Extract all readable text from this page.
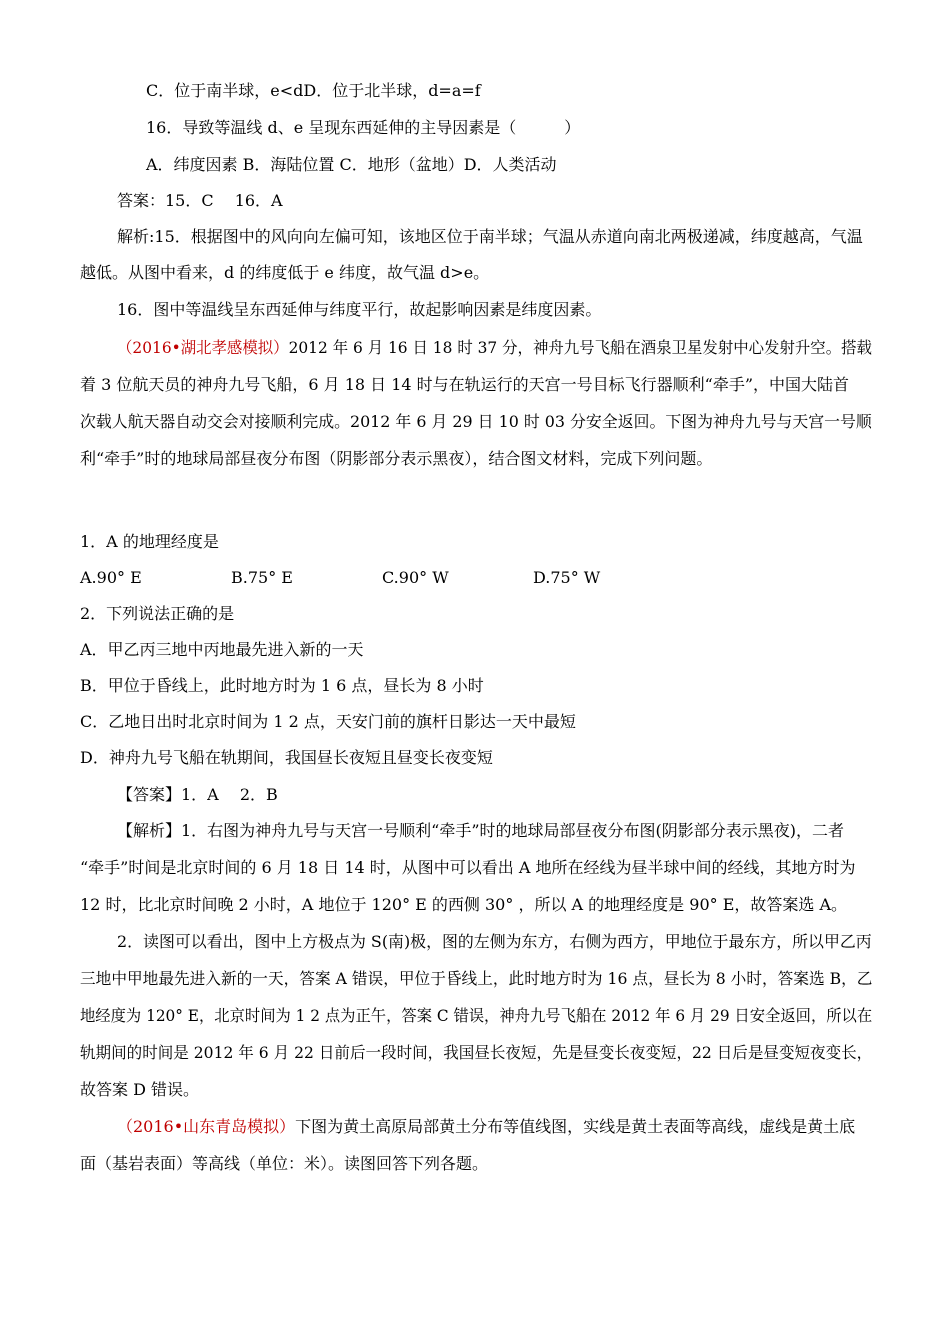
C．位于南半球，e<dD．位于北半球，d=a=f
16．导致等温线 d、e 呈现东西延伸的主导因素是（　　　）
A．纬度因素 B．海陆位置 C．地形（盆地）D．人类活动
答案：15．C　 16．A
解析:15．根据图中的风向向左偏可知，该地区位于南半球；气温从赤道向南北两极递减，纬度越高，气温
越低。从图中看来，d 的纬度低于 e 纬度，故气温 d>e。
16．图中等温线呈东西延伸与纬度平行，故起影响因素是纬度因素。
（2016•湖北孝感模拟）2012 年 6 月 16 日 18 时 37 分，神舟九号飞船在酒泉卫星发射中心发射升空。搭载
着 3 位航天员的神舟九号飞船，6 月 18 日 14 时与在轨运行的天宫一号目标飞行器顺利“牵手”，中国大陆首
次载人航天器自动交会对接顺利完成。2012 年 6 月 29 日 10 时 03 分安全返回。下图为神舟九号与天宫一号顺
利“牵手”时的地球局部昼夜分布图（阴影部分表示黑夜），结合图文材料，完成下列问题。
1．A 的地理经度是
A.90° E	B.75° E	C.90° W	D.75° W
2．下列说法正确的是
A．甲乙丙三地中丙地最先进入新的一天
B．甲位于昏线上，此时地方时为 1 6 点，昼长为 8 小时
C．乙地日出时北京时间为 1 2 点，天安门前的旗杆日影达一天中最短
D．神舟九号飞船在轨期间，我国昼长夜短且昼变长夜变短
【答案】1．A　 2．B
【解析】1．右图为神舟九号与天宫一号顺利“牵手”时的地球局部昼夜分布图(阴影部分表示黑夜)，二者
“牵手”时间是北京时间的 6 月 18 日 14 时，从图中可以看出 A 地所在经线为昼半球中间的经线，其地方时为
12 时，比北京时间晚 2 小时，A 地位于 120° E 的西侧 30° ，所以 A 的地理经度是 90° E，故答案选 A。
2．读图可以看出，图中上方极点为 S(南)极，图的左侧为东方，右侧为西方，甲地位于最东方，所以甲乙丙
三地中甲地最先进入新的一天，答案 A 错误，甲位于昏线上，此时地方时为 16 点，昼长为 8 小时，答案选 B，乙
地经度为 120° E，北京时间为 1 2 点为正午，答案 C 错误，神舟九号飞船在 2012 年 6 月 29 日安全返回，所以在
轨期间的时间是 2012 年 6 月 22 日前后一段时间，我国昼长夜短，先是昼变长夜变短，22 日后是昼变短夜变长，
故答案 D 错误。
（2016•山东青岛模拟）下图为黄土高原局部黄土分布等值线图，实线是黄土表面等高线，虚线是黄土底
面（基岩表面）等高线（单位：米）。读图回答下列各题。
